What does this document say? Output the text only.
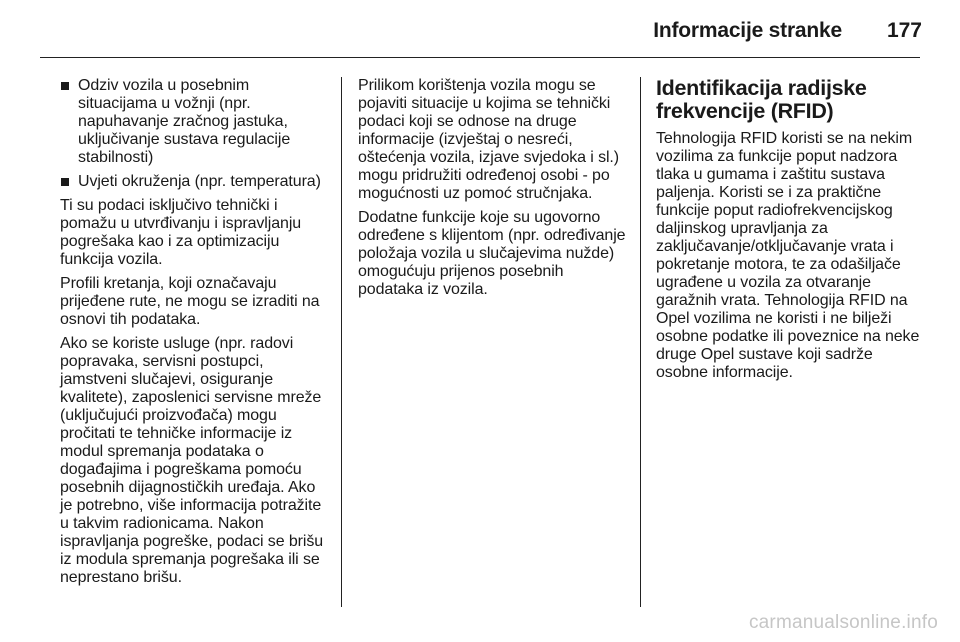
Informacije stranke 177
Odziv vozila u posebnim situacijama u vožnji (npr. napuhavanje zračnog jastuka, uključivanje sustava regulacije stabilnosti)
Uvjeti okruženja (npr. temperatura)

Ti su podaci isključivo tehnički i pomažu u utvrđivanju i ispravljanju pogrešaka kao i za optimizaciju funkcija vozila.

Profili kretanja, koji označavaju prijeđene rute, ne mogu se izraditi na osnovi tih podataka.

Ako se koriste usluge (npr. radovi popravaka, servisni postupci, jamstveni slučajevi, osiguranje kvalitete), zaposlenici servisne mreže (uključujući proizvođača) mogu pročitati te tehničke informacije iz modul spremanja podataka o događajima i pogreškama pomoću posebnih dijagnostičkih uređaja. Ako je potrebno, više informacija potražite u takvim radionicama. Nakon ispravljanja pogreške, podaci se brišu iz modula spremanja pogrešaka ili se neprestano brišu.

Prilikom korištenja vozila mogu se pojaviti situacije u kojima se tehnički podaci koji se odnose na druge informacije (izvještaj o nesreći, oštećenja vozila, izjave svjedoka i sl.) mogu pridružiti određenoj osobi - po mogućnosti uz pomoć stručnjaka.

Dodatne funkcije koje su ugovorno određene s klijentom (npr. određivanje položaja vozila u slučajevima nužde) omogućuju prijenos posebnih podataka iz vozila.

Identifikacija radijske frekvencije (RFID)

Tehnologija RFID koristi se na nekim vozilima za funkcije poput nadzora tlaka u gumama i zaštitu sustava paljenja. Koristi se i za praktične funkcije poput radiofrekvencijskog daljinskog upravljanja za zaključavanje/otključavanje vrata i pokretanje motora, te za odašiljače ugrađene u vozila za otvaranje garažnih vrata. Tehnologija RFID na Opel vozilima ne koristi i ne bilježi osobne podatke ili poveznice na neke druge Opel sustave koji sadrže osobne informacije.

carmanualsonline.info
